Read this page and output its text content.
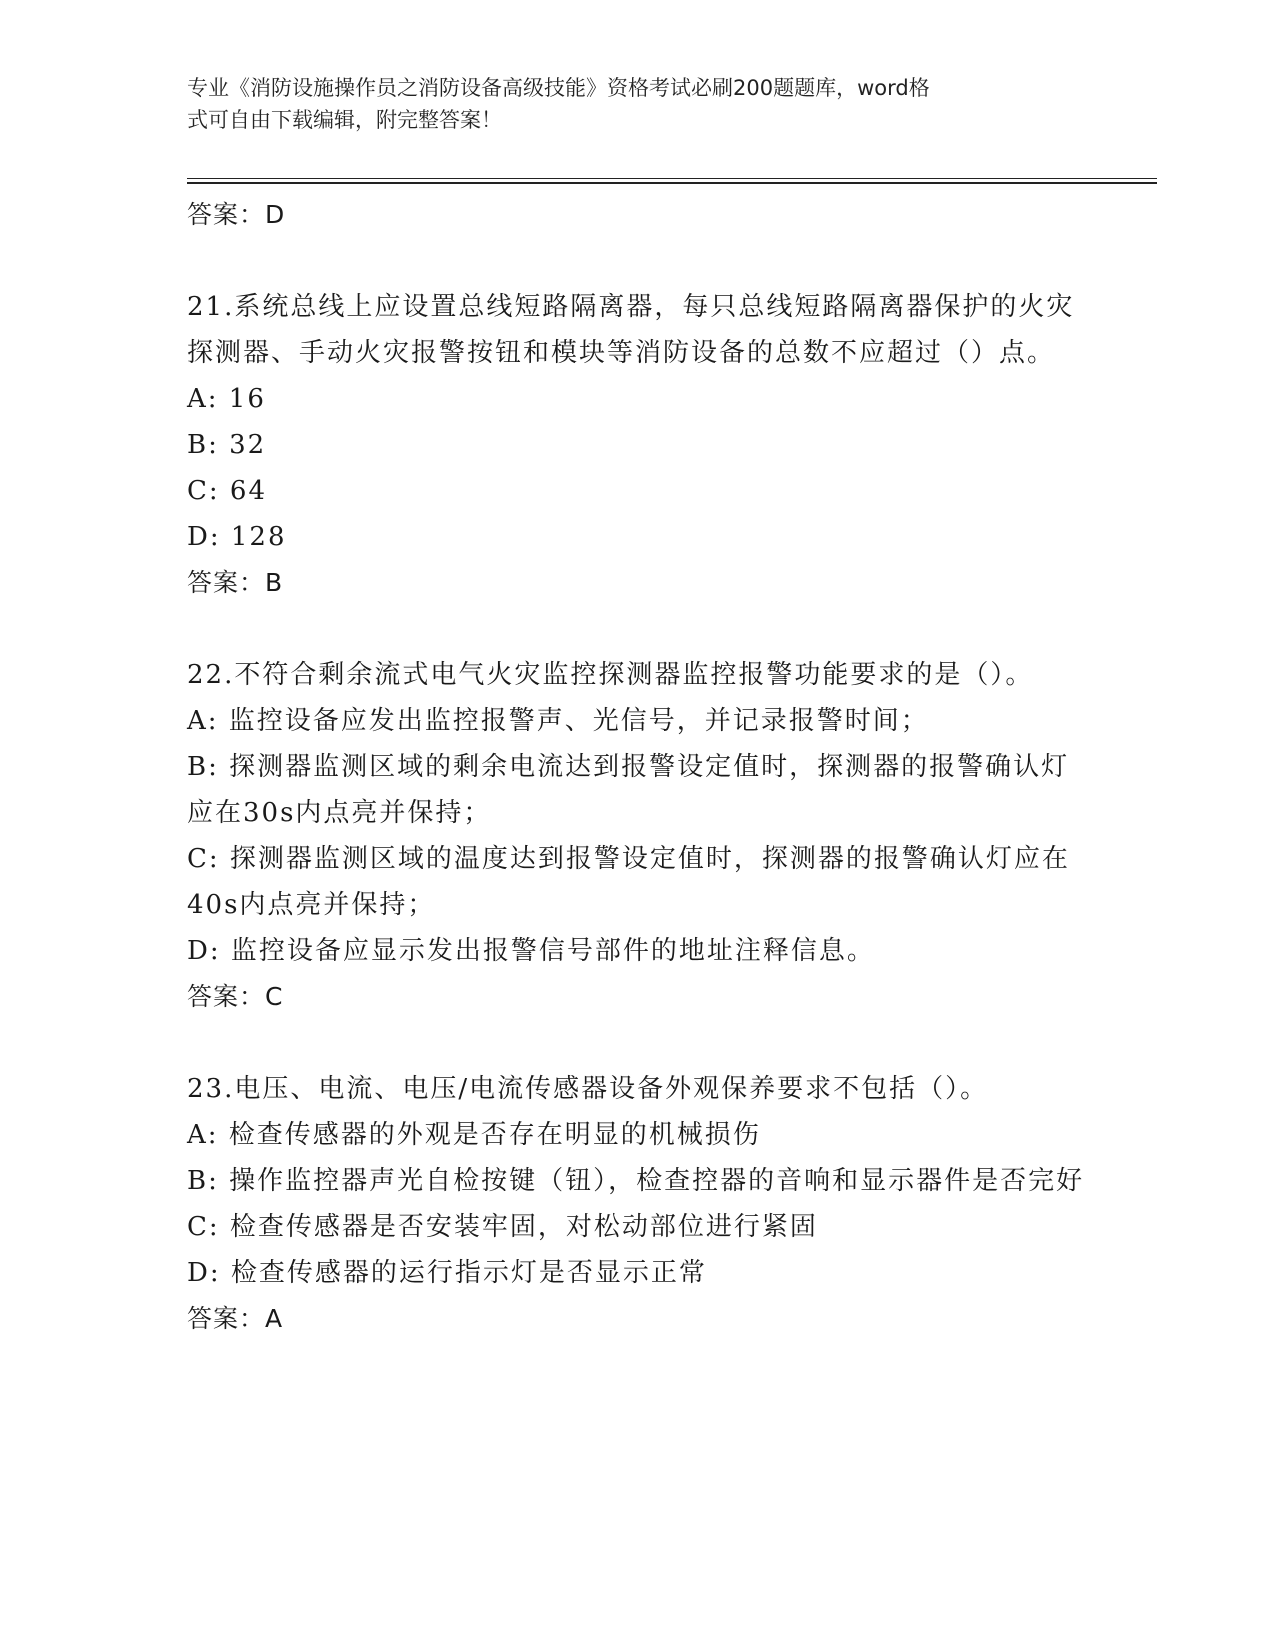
专业《消防设施操作员之消防设备高级技能》资格考试必刷200题题库，word格
式可自由下载编辑，附完整答案！
答案：D
21.系统总线上应设置总线短路隔离器，每只总线短路隔离器保护的火灾探测器、手动火灾报警按钮和模块等消防设备的总数不应超过（）点。
A: 16
B: 32
C: 64
D: 128
答案：B
22.不符合剩余流式电气火灾监控探测器监控报警功能要求的是（）。
A: 监控设备应发出监控报警声、光信号，并记录报警时间；
B: 探测器监测区域的剩余电流达到报警设定值时，探测器的报警确认灯应在30s内点亮并保持；
C: 探测器监测区域的温度达到报警设定值时，探测器的报警确认灯应在40s内点亮并保持；
D: 监控设备应显示发出报警信号部件的地址注释信息。
答案：C
23.电压、电流、电压/电流传感器设备外观保养要求不包括（）。
A: 检查传感器的外观是否存在明显的机械损伤
B: 操作监控器声光自检按键（钮），检查控器的音响和显示器件是否完好
C: 检查传感器是否安装牢固，对松动部位进行紧固
D: 检查传感器的运行指示灯是否显示正常
答案：A
